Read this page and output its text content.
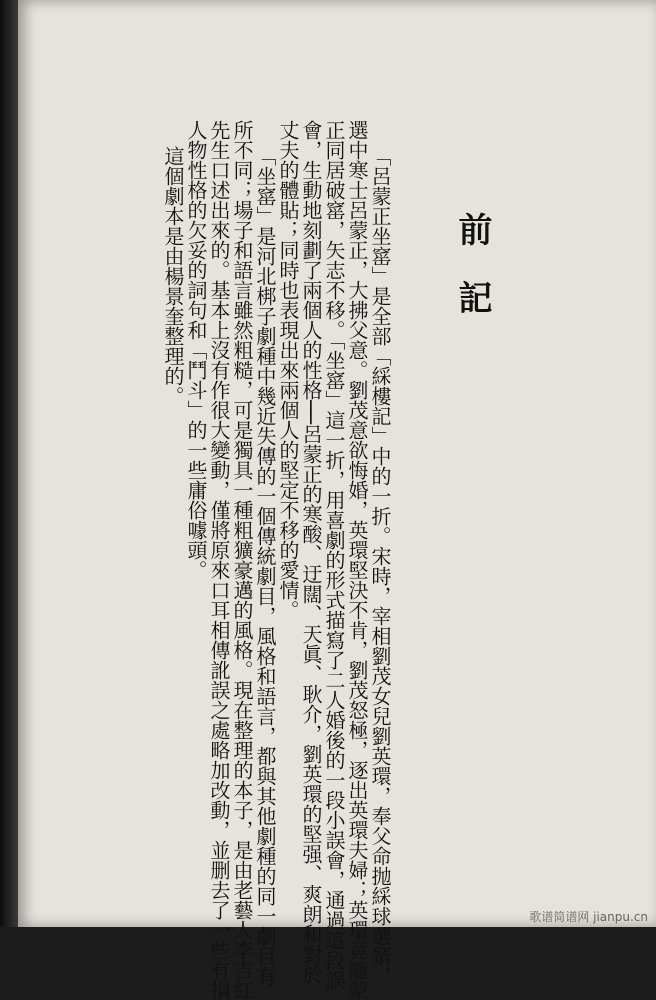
前記
「呂蒙正坐窰」是全部「綵樓記」中的一折。宋時，宰相劉茂女兒劉英環，奉父命抛綵球選婿，
選中寒士呂蒙正，大拂父意。劉茂意欲悔婚，英環堅決不肯，劉茂怒極，逐出英環夫婦；英環竟隨蒙
正同居破窰，矢志不移。「坐窰」這一折，用喜劇的形式描寫了二人婚後的一段小誤會，通過這段誤
會，生動地刻劃了兩個人的性格──呂蒙正的寒酸、迂闊、天眞、耿介，劉英環的堅强、爽朗和對於
丈夫的體貼；同時也表現出來兩個人的堅定不移的愛情。
「坐窰」是河北梆子劇種中幾近失傳的一個傳統劇目，風格和語言，都與其他劇種的同一劇目有
所不同；場子和語言雖然粗糙，可是獨具一種粗獷豪邁的風格。現在整理的本子，是由老藝人李吉紅
先生口述出來的。基本上沒有作很大變動，僅將原來口耳相傳訛誤之處略加改動，並删去了一些有損
人物性格的欠妥的詞句和「鬥斗」的一些庸俗噱頭。
這個劇本是由楊景奎整理的。
歌谱简谱网 jianpu.cn
